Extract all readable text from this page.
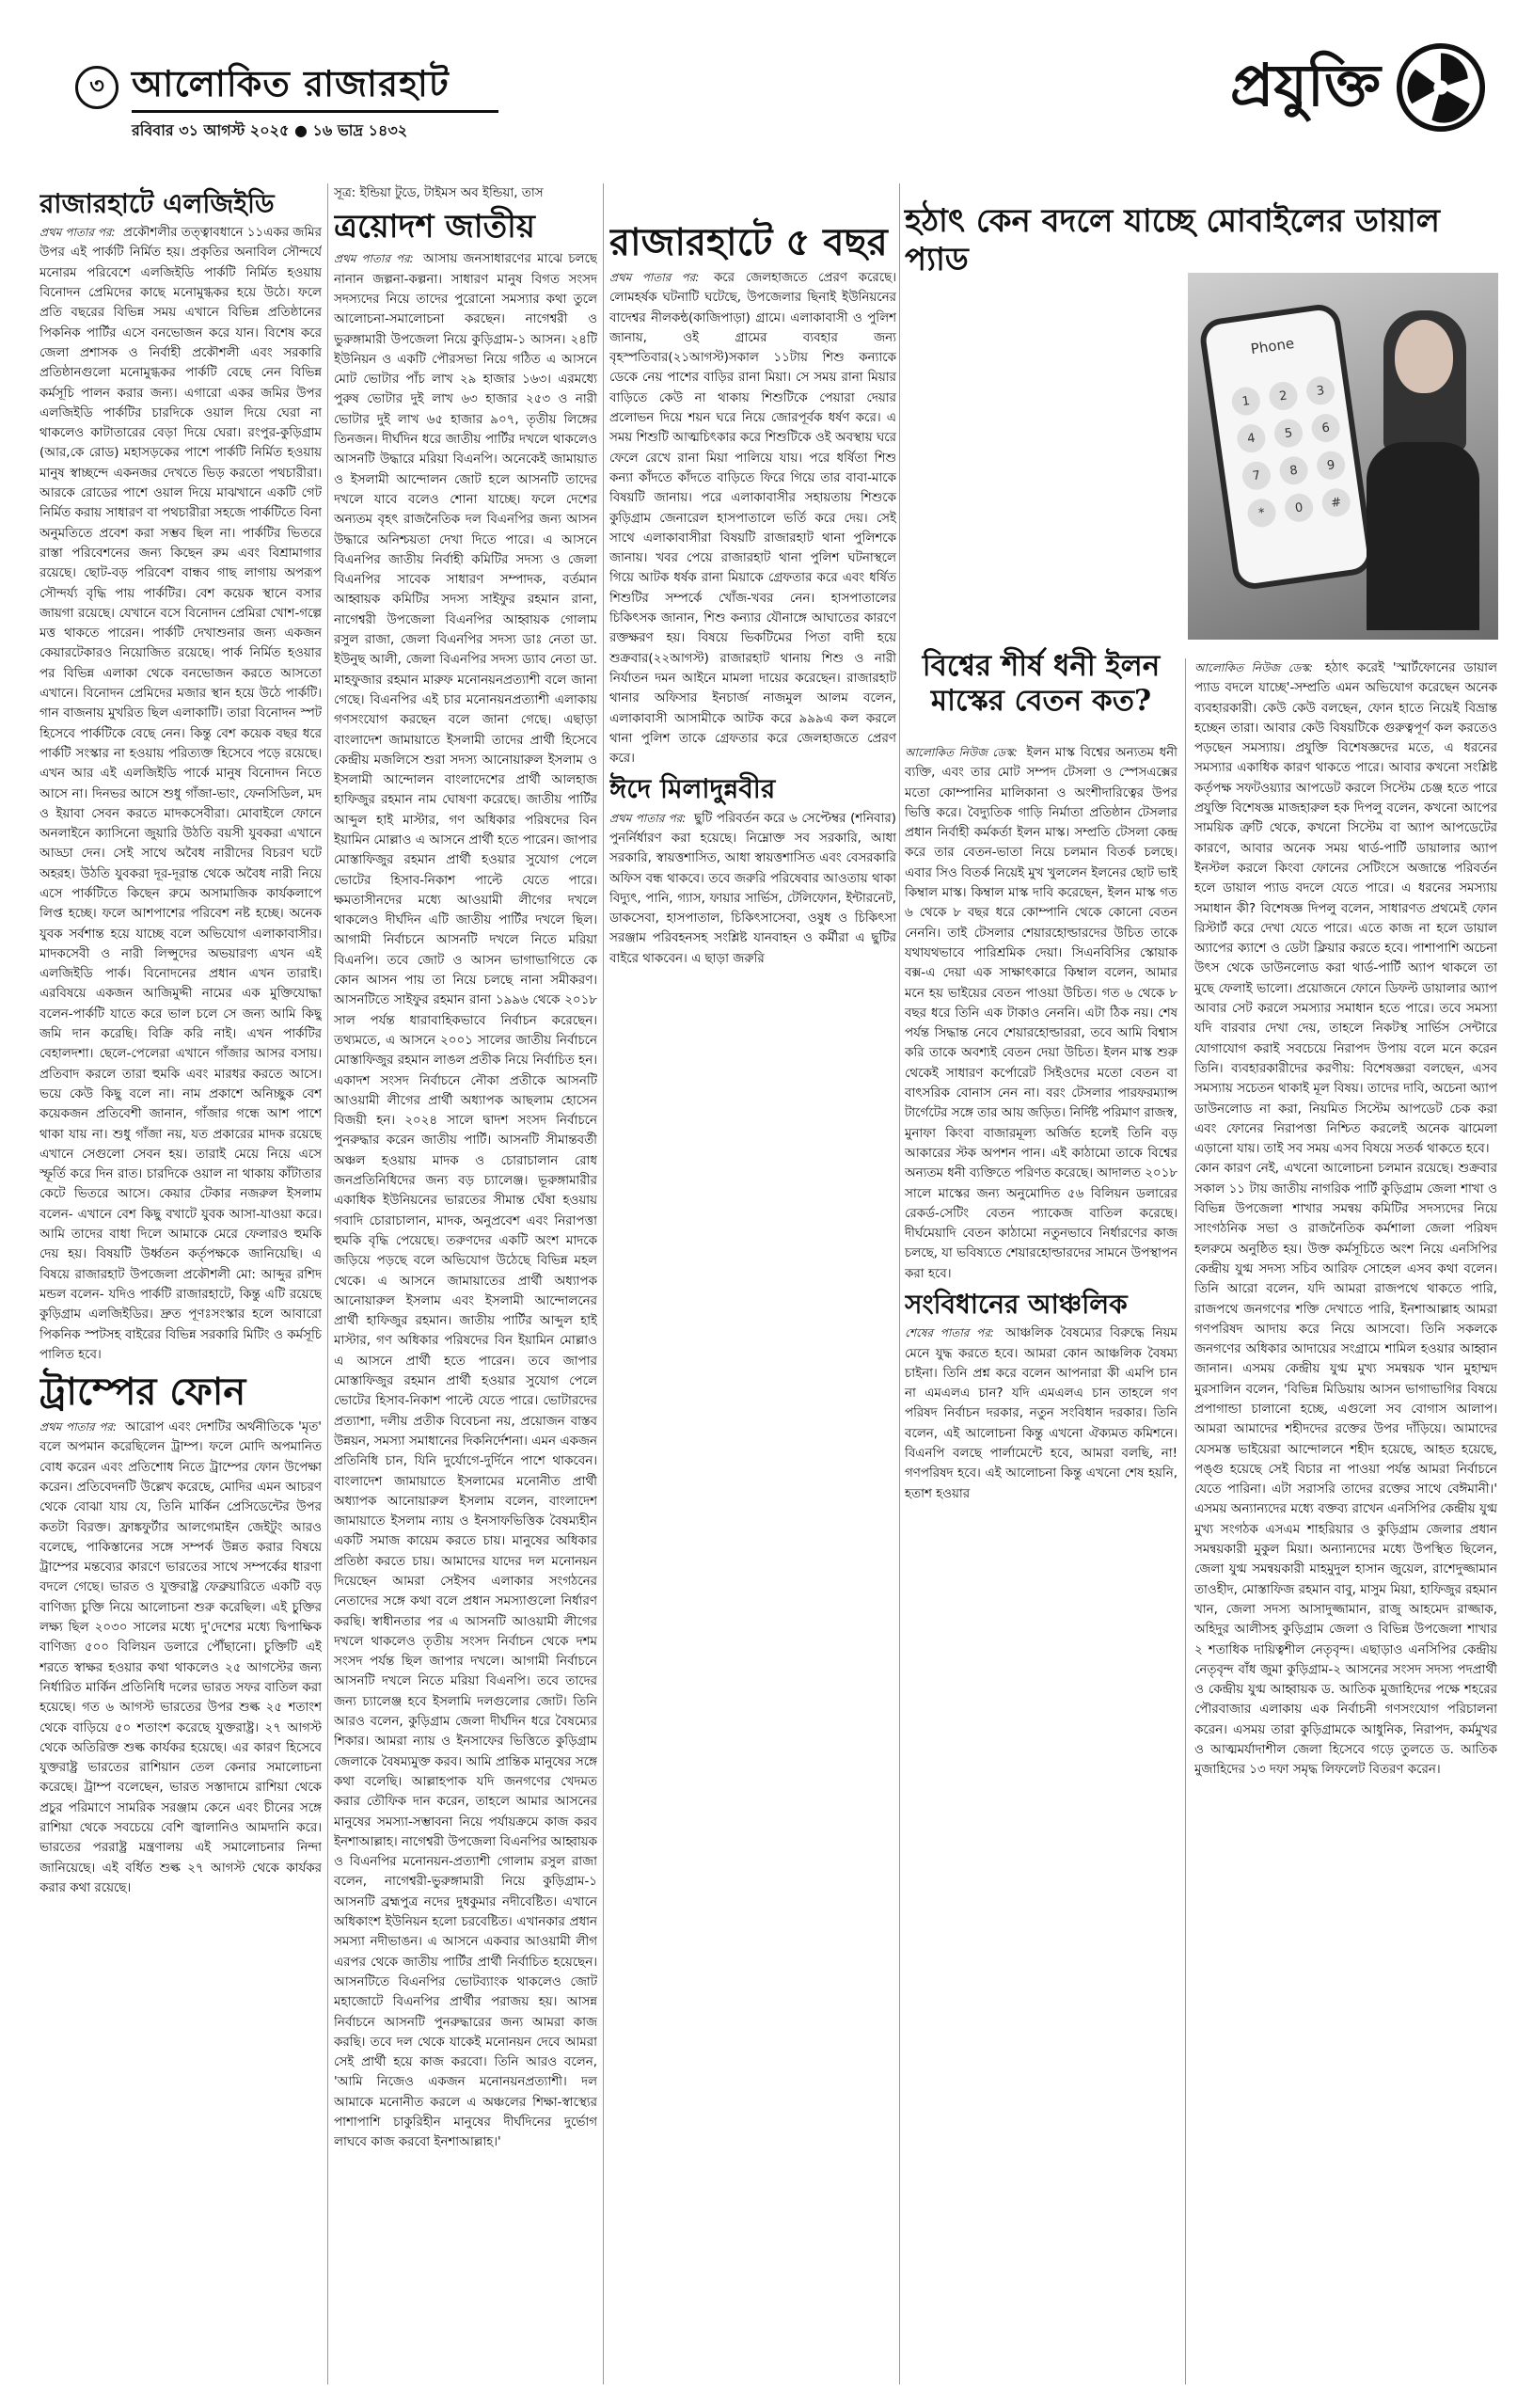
৩ আলোকিত রাজারহাট
রবিবার ৩১ আগস্ট ২০২৫ ● ১৬ ভাদ্র ১৪৩২
প্রযুক্তি
রাজারহাটে এলজিইডি

প্রথম পাতার পর: প্রকৌশলীর তত্ত্বাবধানে ১১একর জমির উপর এই পার্কটি নির্মিত হয়। প্রকৃতির অনাবিল সৌন্দর্যে মনোরম পরিবেশে এলজিইডি পার্কটি নির্মিত হওয়ায় বিনোদন প্রেমিদের কাছে মনোমুগ্ধকর হয়ে উঠে। ফলে প্রতি বছরের বিভিন্ন সময় এখানে বিভিন্ন প্রতিষ্ঠানের পিকনিক পার্টির এসে বনভোজন করে যান। বিশেষ করে জেলা প্রশাসক ও নির্বাহী প্রকৌশলী এবং সরকারি প্রতিষ্ঠানগুলো মনোমুগ্ধকর পার্কটি বেছে নেন বিভিন্ন কর্মসূচি পালন করার জন্য। এগারো একর জমির উপর এলজিইডি পার্কটির চারদিকে ওয়াল দিয়ে ঘেরা না থাকলেও কাটাতারের বেড়া দিয়ে ঘেরা। রংপুর-কুড়িগ্রাম (আর,কে রোড) মহাসড়কের পাশে পার্কটি নির্মিত হওয়ায় মানুষ স্বাচ্ছন্দে একনজর দেখতে ভিড় করতো পথচারীরা। আরকে রোডের পাশে ওয়াল দিয়ে মাঝখানে একটি গেট নির্মিত করায় সাধারণ বা পথচারীরা সহজে পার্কটিতে বিনা অনুমতিতে প্রবেশ করা সম্ভব ছিল না। পার্কটির ভিতরে রাস্তা পরিবেশনের জন্য কিছেন রুম এবং বিশ্রামাগার রয়েছে। ছোট-বড় পরিবেশ বান্ধব গাছ লাগায় অপরূপ সৌন্দর্য্য বৃদ্ধি পায় পার্কটির। বেশ কয়েক স্থানে বসার জায়গা রয়েছে। যেখানে বসে বিনোদন প্রেমিরা খোশ-গল্পে মত্ত থাকতে পারেন। পার্কটি দেখাশুনার জন্য একজন কেয়ারটেকারও নিয়োজিত রয়েছে। পার্ক নির্মিত হওয়ার পর বিভিন্ন এলাকা থেকে বনভোজন করতে আসতো এখানে। বিনোদন প্রেমিদের মজার স্থান হয়ে উঠে পার্কটি। গান বাজনায় মুখরিত ছিল এলাকাটি। তারা বিনোদন স্পট হিসেবে পার্কটিকে বেছে নেন। কিন্তু বেশ কয়েক বছর ধরে পার্কটি সংস্কার না হওয়ায় পরিত্যক্ত হিসেবে পড়ে রয়েছে। এখন আর এই এলজিইডি পার্কে মানুষ বিনোদন নিতে আসে না। দিনভর আসে শুধু গাঁজা-ভাং, ফেনসিডিল, মদ ও ইয়াবা সেবন করতে মাদকসেবীরা। মোবাইলে ফোনে অনলাইনে ক্যাসিনো জুয়ারি উঠতি বয়সী যুবকরা এখানে আড্ডা দেন। সেই সাথে অবৈধ নারীদের বিচরণ ঘটে অহরহ। উঠতি যুবকরা দূর-দূরান্ত থেকে অবৈধ নারী নিয়ে এসে পার্কটিতে কিছেন রুমে অসামাজিক কার্যকলাপে লিপ্ত হচ্ছে। ফলে আশপাশের পরিবেশ নষ্ট হচ্ছে। অনেক যুবক সর্বশান্ত হয়ে যাচ্ছে বলে অভিযোগ এলাকাবাসীর। মাদকসেবী ও নারী লিপ্সুদের অভয়ারণ্য এখন এই এলজিইডি পার্ক। বিনোদনের প্রধান এখন তারাই। এরবিষয়ে একজন আজিমুদ্দী নামের এক মুক্তিযোদ্ধা বলেন-পার্কটি যাতে করে ভাল চলে সে জন্য আমি কিছু জমি দান করেছি। বিক্রি করি নাই। এখন পার্কটির বেহালদশা। ছেলে-পেলেরা এখানে গাঁজার আসর বসায়। প্রতিবাদ করলে তারা হুমকি এবং মারধর করতে আসে। ভয়ে কেউ কিছু বলে না। নাম প্রকাশে অনিচ্ছুক বেশ কয়েকজন প্রতিবেশী জানান, গাঁজার গন্ধে আশ পাশে থাকা যায় না। শুধু গাঁজা নয়, যত প্রকারের মাদক রয়েছে এখানে সেগুলো সেবন হয়। তারাই মেয়ে নিয়ে এসে স্ফূর্তি করে দিন রাত। চারদিকে ওয়াল না থাকায় কাঁটাতার কেটে ভিতরে আসে। কেয়ার টেকার নজরুল ইসলাম বলেন- এখানে বেশ কিছু বখাটে যুবক আসা-যাওয়া করে। আমি তাদের বাধা দিলে আমাকে মেরে ফেলারও হুমকি দেয় হয়। বিষয়টি উর্ধ্বতন কর্তৃপক্ষকে জানিয়েছি। এ বিষয়ে রাজারহাট উপজেলা প্রকৌশলী মো: আব্দুর রশিদ মন্ডল বলেন- যদিও পার্কটি রাজারহাটে, কিন্তু এটি রয়েছে কুড়িগ্রাম এলজিইডির। দ্রুত পূণঃসংস্কার হলে আবারো পিকনিক স্পটসহ বাইরের বিভিন্ন সরকারি মিটিং ও কর্মসূচি পালিত হবে।

ট্রাম্পের ফোন

প্রথম পাতার পর: আরোপ এবং দেশটির অর্থনীতিকে 'মৃত' বলে অপমান করেছিলেন ট্রাম্প। ফলে মোদি অপমানিত বোধ করেন এবং প্রতিশোধ নিতে ট্রাম্পের ফোন উপেক্ষা করেন। প্রতিবেদনটি উল্লেখ করেছে, মোদির এমন আচরণ থেকে বোঝা যায় যে, তিনি মার্কিন প্রেসিডেন্টের উপর কতটা বিরক্ত। ফ্রাঙ্কফুর্টার আলগেমাইন জেইটুং আরও বলেছে, পাকিস্তানের সঙ্গে সম্পর্ক উন্নত করার বিষয়ে ট্রাম্পের মন্তব্যের কারণে ভারতের সাথে সম্পর্কের ধারণা বদলে গেছে। ভারত ও যুক্তরাষ্ট্র ফেব্রুয়ারিতে একটি বড় বাণিজ্য চুক্তি নিয়ে আলোচনা শুরু করেছিল। এই চুক্তির লক্ষ্য ছিল ২০৩০ সালের মধ্যে দু'দেশের মধ্যে দ্বিপাক্ষিক বাণিজ্য ৫০০ বিলিয়ন ডলারে পৌঁছানো। চুক্তিটি এই শরতে স্বাক্ষর হওয়ার কথা থাকলেও ২৫ আগস্টের জন্য নির্ধারিত মার্কিন প্রতিনিধি দলের ভারত সফর বাতিল করা হয়েছে। গত ৬ আগস্ট ভারতের উপর শুল্ক ২৫ শতাংশ থেকে বাড়িয়ে ৫০ শতাংশ করেছে যুক্তরাষ্ট্র। ২৭ আগস্ট থেকে অতিরিক্ত শুল্ক কার্যকর হয়েছে। এর কারণ হিসেবে যুক্তরাষ্ট্র ভারতের রাশিয়ান তেল কেনার সমালোচনা করেছে। ট্রাম্প বলেছেন, ভারত সস্তাদামে রাশিয়া থেকে প্রচুর পরিমাণে সামরিক সরঞ্জাম কেনে এবং চীনের সঙ্গে রাশিয়া থেকে সবচেয়ে বেশি জ্বালানিও আমদানি করে। ভারতের পররাষ্ট্র মন্ত্রণালয় এই সমালোচনার নিন্দা জানিয়েছে। এই বর্ধিত শুল্ক ২৭ আগস্ট থেকে কার্যকর করার কথা রয়েছে।

সূত্র: ইন্ডিয়া টুডে, টাইমস অব ইন্ডিয়া, তাস

ত্রয়োদশ জাতীয়

প্রথম পাতার পর: আসায় জনসাধারণের মাঝে চলছে নানান জল্পনা-কল্পনা। সাধারণ মানুষ বিগত সংসদ সদস্যদের নিয়ে তাদের পুরোনো সমস্যার কথা তুলে আলোচনা-সমালোচনা করছেন। নাগেশ্বরী ও ভুরুঙ্গামারী উপজেলা নিয়ে কুড়িগ্রাম-১ আসন। ২৪টি ইউনিয়ন ও একটি পৌরসভা নিয়ে গঠিত এ আসনে মোট ভোটার পাঁচ লাখ ২৯ হাজার ১৬৩। এরমধ্যে পুরুষ ভোটার দুই লাখ ৬৩ হাজার ২৫৩ ও নারী ভোটার দুই লাখ ৬৫ হাজার ৯০৭, তৃতীয় লিঙ্গের তিনজন। দীর্ঘদিন ধরে জাতীয় পার্টির দখলে থাকলেও আসনটি উদ্ধারে মরিয়া বিএনপি। অনেকেই জামায়াত ও ইসলামী আন্দোলন জোট হলে আসনটি তাদের দখলে যাবে বলেও শোনা যাচ্ছে। ফলে দেশের অন্যতম বৃহৎ রাজনৈতিক দল বিএনপির জন্য আসন উদ্ধারে অনিশ্চয়তা দেখা দিতে পারে। এ আসনে বিএনপির জাতীয় নির্বাহী কমিটির সদস্য ও জেলা বিএনপির সাবেক সাধারণ সম্পাদক, বর্তমান আহ্বায়ক কমিটির সদস্য সাইফুর রহমান রানা, নাগেশ্বরী উপজেলা বিএনপির আহ্বায়ক গোলাম রসুল রাজা, জেলা বিএনপির সদস্য ডাঃ নেতা ডা. ইউনুছ আলী, জেলা বিএনপির সদস্য ড্যাব নেতা ডা. মাহফুজার রহমান মারুফ মনোনয়নপ্রত্যাশী বলে জানা গেছে। বিএনপির এই চার মনোনয়নপ্রত্যাশী এলাকায় গণসংযোগ করছেন বলে জানা গেছে। এছাড়া বাংলাদেশ জামায়াতে ইসলামী তাদের প্রার্থী হিসেবে কেন্দ্রীয় মজলিসে শুরা সদস্য আনোয়ারুল ইসলাম ও ইসলামী আন্দোলন বাংলাদেশের প্রার্থী আলহাজ হাফিজুর রহমান নাম ঘোষণা করেছে। জাতীয় পার্টির আব্দুল হাই মাস্টার, গণ অধিকার পরিষদের বিন ইয়ামিন মোল্লাও এ আসনে প্রার্থী হতে পারেন। জাপার মোস্তাফিজুর রহমান প্রার্থী হওয়ার সুযোগ পেলে ভোটের হিসাব-নিকাশ পাল্টে যেতে পারে। ক্ষমতাসীনদের মধ্যে আওয়ামী লীগের দখলে থাকলেও দীর্ঘদিন এটি জাতীয় পার্টির দখলে ছিল। আগামী নির্বাচনে আসনটি দখলে নিতে মরিয়া বিএনপি। তবে জোট ও আসন ভাগাভাগিতে কে কোন আসন পায় তা নিয়ে চলছে নানা সমীকরণ। আসনটিতে সাইফুর রহমান রানা ১৯৯৬ থেকে ২০১৮ সাল পর্যন্ত ধারাবাহিকভাবে নির্বাচন করেছেন। তথ্যমতে, এ আসনে ২০০১ সালের জাতীয় নির্বাচনে মোস্তাফিজুর রহমান লাঙল প্রতীক নিয়ে নির্বাচিত হন। একাদশ সংসদ নির্বাচনে নৌকা প্রতীকে আসনটি আওয়ামী লীগের প্রার্থী অধ্যাপক আছলাম হোসেন বিজয়ী হন। ২০২৪ সালে দ্বাদশ সংসদ নির্বাচনে পুনরুদ্ধার করেন জাতীয় পার্টি। আসনটি সীমান্তবর্তী অঞ্চল হওয়ায় মাদক ও চোরাচালান রোধ জনপ্রতিনিধিদের জন্য বড় চ্যালেঞ্জ। ভূরুঙ্গামারীর একাধিক ইউনিয়নের ভারতের সীমান্ত ঘেঁষা হওয়ায় গবাদি চোরাচালান, মাদক, অনুপ্রবেশ এবং নিরাপত্তা হুমকি বৃদ্ধি পেয়েছে। তরুণদের একটি অংশ মাদকে জড়িয়ে পড়ছে বলে অভিযোগ উঠেছে বিভিন্ন মহল থেকে। এ আসনে জামায়াতের প্রার্থী অধ্যাপক আনোয়ারুল ইসলাম এবং ইসলামী আন্দোলনের প্রার্থী হাফিজুর রহমান। জাতীয় পার্টির আব্দুল হাই মাস্টার, গণ অধিকার পরিষদের বিন ইয়ামিন মোল্লাও এ আসনে প্রার্থী হতে পারেন। তবে জাপার মোস্তাফিজুর রহমান প্রার্থী হওয়ার সুযোগ পেলে ভোটের হিসাব-নিকাশ পাল্টে যেতে পারে। ভোটারদের প্রত্যাশা, দলীয় প্রতীক বিবেচনা নয়, প্রয়োজন বাস্তব উন্নয়ন, সমস্যা সমাধানের দিকনির্দেশনা। এমন একজন প্রতিনিধি চান, যিনি দুর্যোগে-দুর্দিনে পাশে থাকবেন। বাংলাদেশ জামায়াতে ইসলামের মনোনীত প্রার্থী অধ্যাপক আনোয়ারুল ইসলাম বলেন, বাংলাদেশ জামায়াতে ইসলাম ন্যায় ও ইনসাফভিত্তিক বৈষম্যহীন একটি সমাজ কায়েম করতে চায়। মানুষের অধিকার প্রতিষ্ঠা করতে চায়। আমাদের যাদের দল মনোনয়ন দিয়েছেন আমরা সেইসব এলাকার সংগঠনের নেতাদের সঙ্গে কথা বলে প্রধান সমস্যাগুলো নির্ধারণ করছি। স্বাধীনতার পর এ আসনটি আওয়ামী লীগের দখলে থাকলেও তৃতীয় সংসদ নির্বাচন থেকে দশম সংসদ পর্যন্ত ছিল জাপার দখলে। আগামী নির্বাচনে আসনটি দখলে নিতে মরিয়া বিএনপি। তবে তাদের জন্য চ্যালেঞ্জ হবে ইসলামি দলগুলোর জোট। তিনি আরও বলেন, কুড়িগ্রাম জেলা দীর্ঘদিন ধরে বৈষম্যের শিকার। আমরা ন্যায় ও ইনসাফের ভিত্তিতে কুড়িগ্রাম জেলাকে বৈষম্যমুক্ত করব। আমি প্রান্তিক মানুষের সঙ্গে কথা বলেছি। আল্লাহপাক যদি জনগণের খেদমত করার তৌফিক দান করেন, তাহলে আমার আসনের মানুষের সমস্যা-সম্ভাবনা নিয়ে পর্যায়ক্রমে কাজ করব ইনশাআল্লাহ। নাগেশ্বরী উপজেলা বিএনপির আহ্বায়ক ও বিএনপির মনোনয়ন-প্রত্যাশী গোলাম রসুল রাজা বলেন, নাগেশ্বরী-ভুরুঙ্গামারী নিয়ে কুড়িগ্রাম-১ আসনটি ব্রহ্মপুত্র নদের দুধকুমার নদীবেষ্টিত। এখানে অধিকাংশ ইউনিয়ন হলো চরবেষ্টিত। এখানকার প্রধান সমস্যা নদীভাঙন। এ আসনে একবার আওয়ামী লীগ এরপর থেকে জাতীয় পার্টির প্রার্থী নির্বাচিত হয়েছেন। আসনটিতে বিএনপির ভোটব্যাংক থাকলেও জোট মহাজোটে বিএনপির প্রার্থীর পরাজয় হয়। আসন্ন নির্বাচনে আসনটি পুনরুদ্ধারের জন্য আমরা কাজ করছি। তবে দল থেকে যাকেই মনোনয়ন দেবে আমরা সেই প্রার্থী হয়ে কাজ করবো। তিনি আরও বলেন, 'আমি নিজেও একজন মনোনয়নপ্রত্যাশী। দল আমাকে মনোনীত করলে এ অঞ্চলের শিক্ষা-স্বাস্থ্যের পাশাপাশি চাকুরিহীন মানুষের দীর্ঘদিনের দুর্ভোগ লাঘবে কাজ করবো ইনশাআল্লাহ।'

রাজারহাটে ৫ বছর

প্রথম পাতার পর: করে জেলহাজতে প্রেরণ করেছে। লোমহর্ষক ঘটনাটি ঘটেছে, উপজেলার ছিনাই ইউনিয়নের বাদেশ্বর নীলকন্ঠ(কাজিপাড়া) গ্রামে। এলাকাবাসী ও পুলিশ জানায়, ওই গ্রামের ব্যবহার জন্য বৃহস্পতিবার(২১আগস্ট)সকাল ১১টায় শিশু কন্যাকে ডেকে নেয় পাশের বাড়ির রানা মিয়া। সে সময় রানা মিয়ার বাড়িতে কেউ না থাকায় শিশুটিকে পেয়ারা দেয়ার প্রলোভন দিয়ে শয়ন ঘরে নিয়ে জোরপূর্বক ধর্ষণ করে। এ সময় শিশুটি আত্মচিৎকার করে শিশুটিকে ওই অবস্থায় ঘরে ফেলে রেখে রানা মিয়া পালিয়ে যায়। পরে ধর্ষিতা শিশু কন্যা কাঁদতে কাঁদতে বাড়িতে ফিরে গিয়ে তার বাবা-মাকে বিষয়টি জানায়। পরে এলাকাবাসীর সহায়তায় শিশুকে কুড়িগ্রাম জেনারেল হাসপাতালে ভর্তি করে দেয়। সেই সাথে এলাকাবাসীরা বিষয়টি রাজারহাট থানা পুলিশকে জানায়। খবর পেয়ে রাজারহাট থানা পুলিশ ঘটনাস্থলে গিয়ে আটক ধর্ষক রানা মিয়াকে গ্রেফতার করে এবং ধর্ষিত শিশুটির সম্পর্কে খোঁজ-খবর নেন। হাসপাতালের চিকিৎসক জানান, শিশু কন্যার যৌনাঙ্গে আঘাতের কারণে রক্তক্ষরণ হয়। বিষয়ে ভিকটিমের পিতা বাদী হয়ে শুক্রবার(২২আগস্ট) রাজারহাট থানায় শিশু ও নারী নির্যাতন দমন আইনে মামলা দায়ের করেছেন। রাজারহাট থানার অফিসার ইনচার্জ নাজমুল আলম বলেন, এলাকাবাসী আসামীকে আটক করে ৯৯৯এ কল করলে থানা পুলিশ তাকে গ্রেফতার করে জেলহাজতে প্রেরণ করে।

ঈদে মিলাদুন্নবীর

প্রথম পাতার পর: ছুটি পরিবর্তন করে ৬ সেপ্টেম্বর (শনিবার) পুনর্নির্ধারণ করা হয়েছে। নিম্নোক্ত সব সরকারি, আধা সরকারি, স্বায়ত্তশাসিত, আধা স্বায়ত্তশাসিত এবং বেসরকারি অফিস বন্ধ থাকবে। তবে জরুরি পরিষেবার আওতায় থাকা বিদ্যুৎ, পানি, গ্যাস, ফায়ার সার্ভিস, টেলিফোন, ইন্টারনেট, ডাকসেবা, হাসপাতাল, চিকিৎসাসেবা, ওষুধ ও চিকিৎসা সরঞ্জাম পরিবহনসহ সংশ্লিষ্ট যানবাহন ও কর্মীরা এ ছুটির বাইরে থাকবেন। এ ছাড়া জরুরি

হঠাৎ কেন বদলে যাচ্ছে মোবাইলের ডায়াল প্যাড
Phone
1	2	3
4	5	6
7	8	9
*	0	#
বিশ্বের শীর্ষ ধনী ইলন মাস্কের বেতন কত?

আলোকিত নিউজ ডেস্ক: ইলন মাস্ক বিশ্বের অন্যতম ধনী ব্যক্তি, এবং তার মোট সম্পদ টেসলা ও স্পেসএক্সের মতো কোম্পানির মালিকানা ও অংশীদারিত্বের উপর ভিত্তি করে। বৈদ্যুতিক গাড়ি নির্মাতা প্রতিষ্ঠান টেসলার প্রধান নির্বাহী কর্মকর্তা ইলন মাস্ক। সম্প্রতি টেসলা কেন্দ্র করে তার বেতন-ভাতা নিয়ে চলমান বিতর্ক চলছে। এবার সিও বিতর্ক নিয়েই মুখ খুললেন ইলনের ছোট ভাই কিম্বাল মাস্ক। কিম্বাল মাস্ক দাবি করেছেন, ইলন মাস্ক গত ৬ থেকে ৮ বছর ধরে কোম্পানি থেকে কোনো বেতন নেননি। তাই টেসলার শেয়ারহোল্ডারদের উচিত তাকে যথাযথভাবে পারিশ্রমিক দেয়া। সিএনবিসির স্কোয়াক বক্স-এ দেয়া এক সাক্ষাৎকারে কিম্বাল বলেন, আমার মনে হয় ভাইয়ের বেতন পাওয়া উচিত। গত ৬ থেকে ৮ বছর ধরে তিনি এক টাকাও নেননি। এটা ঠিক নয়। শেষ পর্যন্ত সিদ্ধান্ত নেবে শেয়ারহোল্ডাররা, তবে আমি বিশ্বাস করি তাকে অবশ্যই বেতন দেয়া উচিত। ইলন মাস্ক শুরু থেকেই সাধারণ কর্পোরেট সিইওদের মতো বেতন বা বাৎসরিক বোনাস নেন না। বরং টেসলার পারফরম্যান্স টার্গেটের সঙ্গে তার আয় জড়িত। নির্দিষ্ট পরিমাণ রাজস্ব, মুনাফা কিংবা বাজারমূল্য অর্জিত হলেই তিনি বড় আকারের স্টক অপশন পান। এই কাঠামো তাকে বিশ্বের অন্যতম ধনী ব্যক্তিতে পরিণত করেছে। আদালত ২০১৮ সালে মাস্কের জন্য অনুমোদিত ৫৬ বিলিয়ন ডলারের রেকর্ড-সেটিং বেতন প্যাকেজ বাতিল করেছে। দীর্ঘমেয়াদি বেতন কাঠামো নতুনভাবে নির্ধারণের কাজ চলছে, যা ভবিষ্যতে শেয়ারহোল্ডারদের সামনে উপস্থাপন করা হবে।

সংবিধানের আঞ্চলিক

শেষের পাতার পর: আঞ্চলিক বৈষম্যের বিরুদ্ধে নিয়ম মেনে যুদ্ধ করতে হবে। আমরা কোন আঞ্চলিক বৈষম্য চাইনা। তিনি প্রশ্ন করে বলেন আপনারা কী এমপি চান না এমএলএ চান? যদি এমএলএ চান তাহলে গণ পরিষদ নির্বাচন দরকার, নতুন সংবিধান দরকার। তিনি বলেন, এই আলোচনা কিন্তু এখনো ঐক্যমত কমিশনে। বিএনপি বলছে পার্লামেন্টে হবে, আমরা বলছি, না! গণপরিষদ হবে। এই আলোচনা কিন্তু এখনো শেষ হয়নি, হতাশ হওয়ার

আলোকিত নিউজ ডেস্ক: হঠাৎ করেই 'স্মার্টফোনের ডায়াল প্যাড বদলে যাচ্ছে'-সম্প্রতি এমন অভিযোগ করেছেন অনেক ব্যবহারকারী। কেউ কেউ বলছেন, ফোন হাতে নিয়েই বিভ্রান্ত হচ্ছেন তারা। আবার কেউ বিষয়টিকে গুরুত্বপূর্ণ কল করতেও পড়ছেন সমস্যায়। প্রযুক্তি বিশেষজ্ঞদের মতে, এ ধরনের সমস্যার একাধিক কারণ থাকতে পারে। আবার কখনো সংশ্লিষ্ট কর্তৃপক্ষ সফটওয়্যার আপডেট করলে সিস্টেম চেঞ্জ হতে পারে প্রযুক্তি বিশেষজ্ঞ মাজহারুল হক দিপলু বলেন, কখনো আপের সাময়িক ত্রুটি থেকে, কখনো সিস্টেম বা অ্যাপ আপডেটের কারণে, আবার অনেক সময় থার্ড-পার্টি ডায়ালার অ্যাপ ইনস্টল করলে কিংবা ফোনের সেটিংসে অজান্তে পরিবর্তন হলে ডায়াল প্যাড বদলে যেতে পারে। এ ধরনের সমস্যায় সমাধান কী? বিশেষজ্ঞ দিপলু বলেন, সাধারণত প্রথমেই ফোন রিস্টার্ট করে দেখা যেতে পারে। এতে কাজ না হলে ডায়াল অ্যাপের ক্যাশে ও ডেটা ক্লিয়ার করতে হবে। পাশাপাশি অচেনা উৎস থেকে ডাউনলোড করা থার্ড-পার্টি অ্যাপ থাকলে তা মুছে ফেলাই ভালো। প্রয়োজনে ফোনে ডিফল্ট ডায়ালার অ্যাপ আবার সেট করলে সমস্যার সমাধান হতে পারে। তবে সমস্যা যদি বারবার দেখা দেয়, তাহলে নিকটস্থ সার্ভিস সেন্টারে যোগাযোগ করাই সবচেয়ে নিরাপদ উপায় বলে মনে করেন তিনি। ব্যবহারকারীদের করণীয়: বিশেষজ্ঞরা বলছেন, এসব সমস্যায় সচেতন থাকাই মূল বিষয়। তাদের দাবি, অচেনা অ্যাপ ডাউনলোড না করা, নিয়মিত সিস্টেম আপডেট চেক করা এবং ফোনের নিরাপত্তা নিশ্চিত করলেই অনেক ঝামেলা এড়ানো যায়। তাই সব সময় এসব বিষয়ে সতর্ক থাকতে হবে।

কোন কারণ নেই, এখনো আলোচনা চলমান রয়েছে। শুক্রবার সকাল ১১ টায় জাতীয় নাগরিক পার্টি কুড়িগ্রাম জেলা শাখা ও বিভিন্ন উপজেলা শাখার সমন্বয় কমিটির সদস্যদের নিয়ে সাংগঠনিক সভা ও রাজনৈতিক কর্মশালা জেলা পরিষদ হলরুমে অনুষ্ঠিত হয়। উক্ত কর্মসূচিতে অংশ নিয়ে এনসিপির কেন্দ্রীয় যুগ্ম সদস্য সচিব আরিফ সোহেল এসব কথা বলেন। তিনি আরো বলেন, যদি আমরা রাজপথে থাকতে পারি, রাজপথে জনগণের শক্তি দেখাতে পারি, ইনশাআল্লাহ আমরা গণপরিষদ আদায় করে নিয়ে আসবো। তিনি সকলকে জনগণের অধিকার আদায়ের সংগ্রামে শামিল হওয়ার আহ্বান জানান। এসময় কেন্দ্রীয় যুগ্ম মুখ্য সমন্বয়ক খান মুহাম্মদ মুরসালিন বলেন, 'বিভিন্ন মিডিয়ায় আসন ভাগাভাগির বিষয়ে প্রপাগান্ডা চালানো হচ্ছে, এগুলো সব বোগাস আলাপ। আমরা আমাদের শহীদদের রক্তের উপর দাঁড়িয়ে। আমাদের যেসমস্ত ভাইয়েরা আন্দোলনে শহীদ হয়েছে, আহত হয়েছে, পঙ্গু হয়েছে সেই বিচার না পাওয়া পর্যন্ত আমরা নির্বাচনে যেতে পারিনা। এটা সরাসরি তাদের রক্তের সাথে বেঈমানী।' এসময় অন্যান্যদের মধ্যে বক্তব্য রাখেন এনসিপির কেন্দ্রীয় যুগ্ম মুখ্য সংগঠক এসএম শাহরিয়ার ও কুড়িগ্রাম জেলার প্রধান সমন্বয়কারী মুকুল মিয়া। অন্যান্যদের মধ্যে উপস্থিত ছিলেন, জেলা যুগ্ম সমন্বয়কারী মাহমুদুল হাসান জুয়েল, রাশেদুজ্জামান তাওহীদ, মোস্তাফিজ রহমান বাবু, মাসুম মিয়া, হাফিজুর রহমান খান, জেলা সদস্য আসাদুজ্জামান, রাজু আহমেদ রাজ্জাক, অহিদুর আলীসহ কুড়িগ্রাম জেলা ও বিভিন্ন উপজেলা শাখার ২ শতাধিক দায়িত্বশীল নেতৃবৃন্দ। এছাড়াও এনসিপির কেন্দ্রীয় নেতৃবৃন্দ বাঁধ জুমা কুড়িগ্রাম-২ আসনের সংসদ সদস্য পদপ্রার্থী ও কেন্দ্রীয় যুগ্ম আহ্বায়ক ড. আতিক মুজাহিদের পক্ষে শহরের পৌরবাজার এলাকায় এক নির্বাচনী গণসংযোগ পরিচালনা করেন। এসময় তারা কুড়িগ্রামকে আধুনিক, নিরাপদ, কর্মমুখর ও আত্মমর্যাদাশীল জেলা হিসেবে গড়ে তুলতে ড. আতিক মুজাহিদের ১৩ দফা সমৃদ্ধ লিফলেট বিতরণ করেন।
